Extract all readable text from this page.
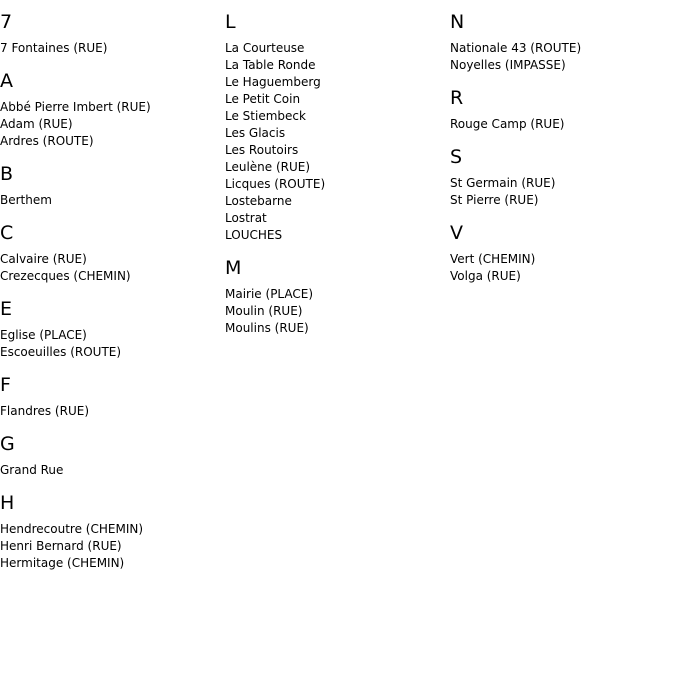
7
7 Fontaines (RUE)
A
Abbé Pierre Imbert (RUE)
Adam (RUE)
Ardres (ROUTE)
B
Berthem
C
Calvaire (RUE)
Crezecques (CHEMIN)
E
Eglise (PLACE)
Escoeuilles (ROUTE)
F
Flandres (RUE)
G
Grand Rue
H
Hendrecoutre (CHEMIN)
Henri Bernard (RUE)
Hermitage (CHEMIN)
L
La Courteuse
La Table Ronde
Le Haguemberg
Le Petit Coin
Le Stiembeck
Les Glacis
Les Routoirs
Leulène (RUE)
Licques (ROUTE)
Lostebarne
Lostrat
LOUCHES
M
Mairie (PLACE)
Moulin (RUE)
Moulins (RUE)
N
Nationale 43 (ROUTE)
Noyelles (IMPASSE)
R
Rouge Camp (RUE)
S
St Germain (RUE)
St Pierre (RUE)
V
Vert (CHEMIN)
Volga (RUE)
